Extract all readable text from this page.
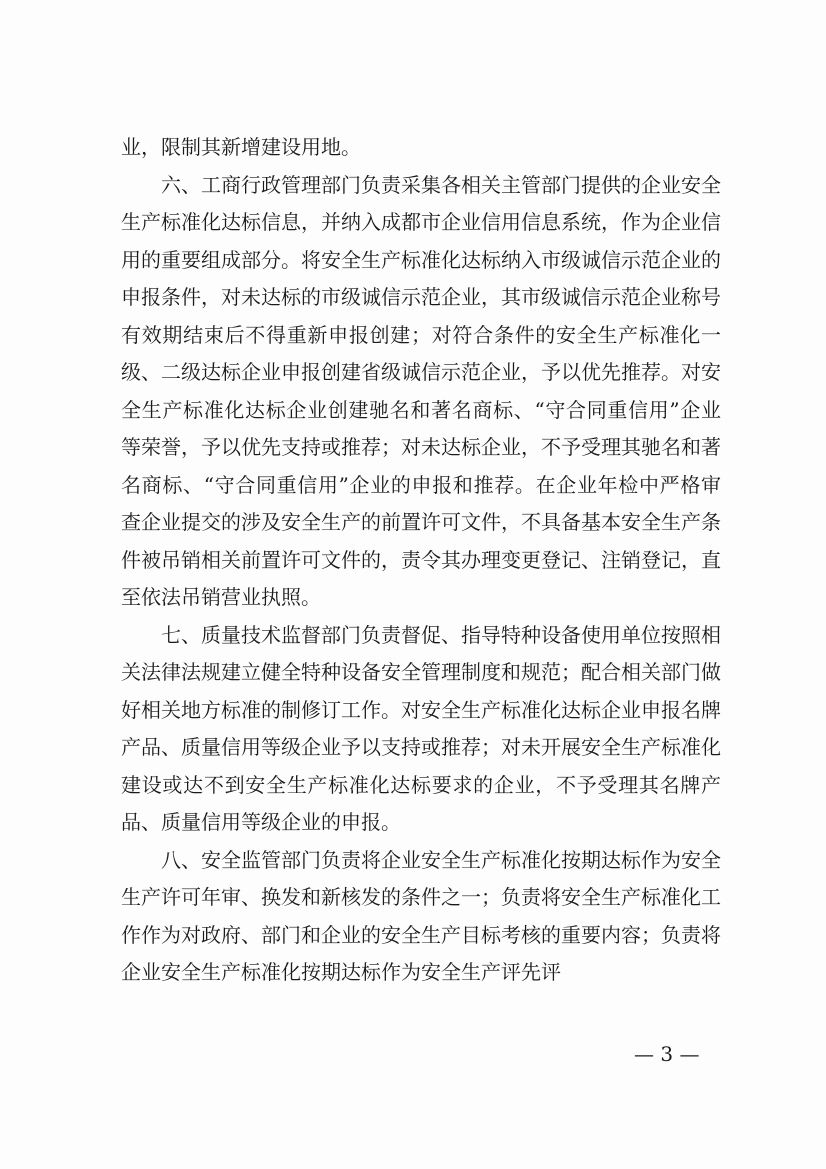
业，限制其新增建设用地。

六、工商行政管理部门负责采集各相关主管部门提供的企业安全生产标准化达标信息，并纳入成都市企业信用信息系统，作为企业信用的重要组成部分。将安全生产标准化达标纳入市级诚信示范企业的申报条件，对未达标的市级诚信示范企业，其市级诚信示范企业称号有效期结束后不得重新申报创建；对符合条件的安全生产标准化一级、二级达标企业申报创建省级诚信示范企业，予以优先推荐。对安全生产标准化达标企业创建驰名和著名商标、“守合同重信用”企业等荣誉，予以优先支持或推荐；对未达标企业，不予受理其驰名和著名商标、“守合同重信用”企业的申报和推荐。在企业年检中严格审查企业提交的涉及安全生产的前置许可文件，不具备基本安全生产条件被吊销相关前置许可文件的，责令其办理变更登记、注销登记，直至依法吊销营业执照。

七、质量技术监督部门负责督促、指导特种设备使用单位按照相关法律法规建立健全特种设备安全管理制度和规范；配合相关部门做好相关地方标准的制修订工作。对安全生产标准化达标企业申报名牌产品、质量信用等级企业予以支持或推荐；对未开展安全生产标准化建设或达不到安全生产标准化达标要求的企业，不予受理其名牌产品、质量信用等级企业的申报。

八、安全监管部门负责将企业安全生产标准化按期达标作为安全生产许可年审、换发和新核发的条件之一；负责将安全生产标准化工作作为对政府、部门和企业的安全生产目标考核的重要内容；负责将企业安全生产标准化按期达标作为安全生产评先评

— 3 —
